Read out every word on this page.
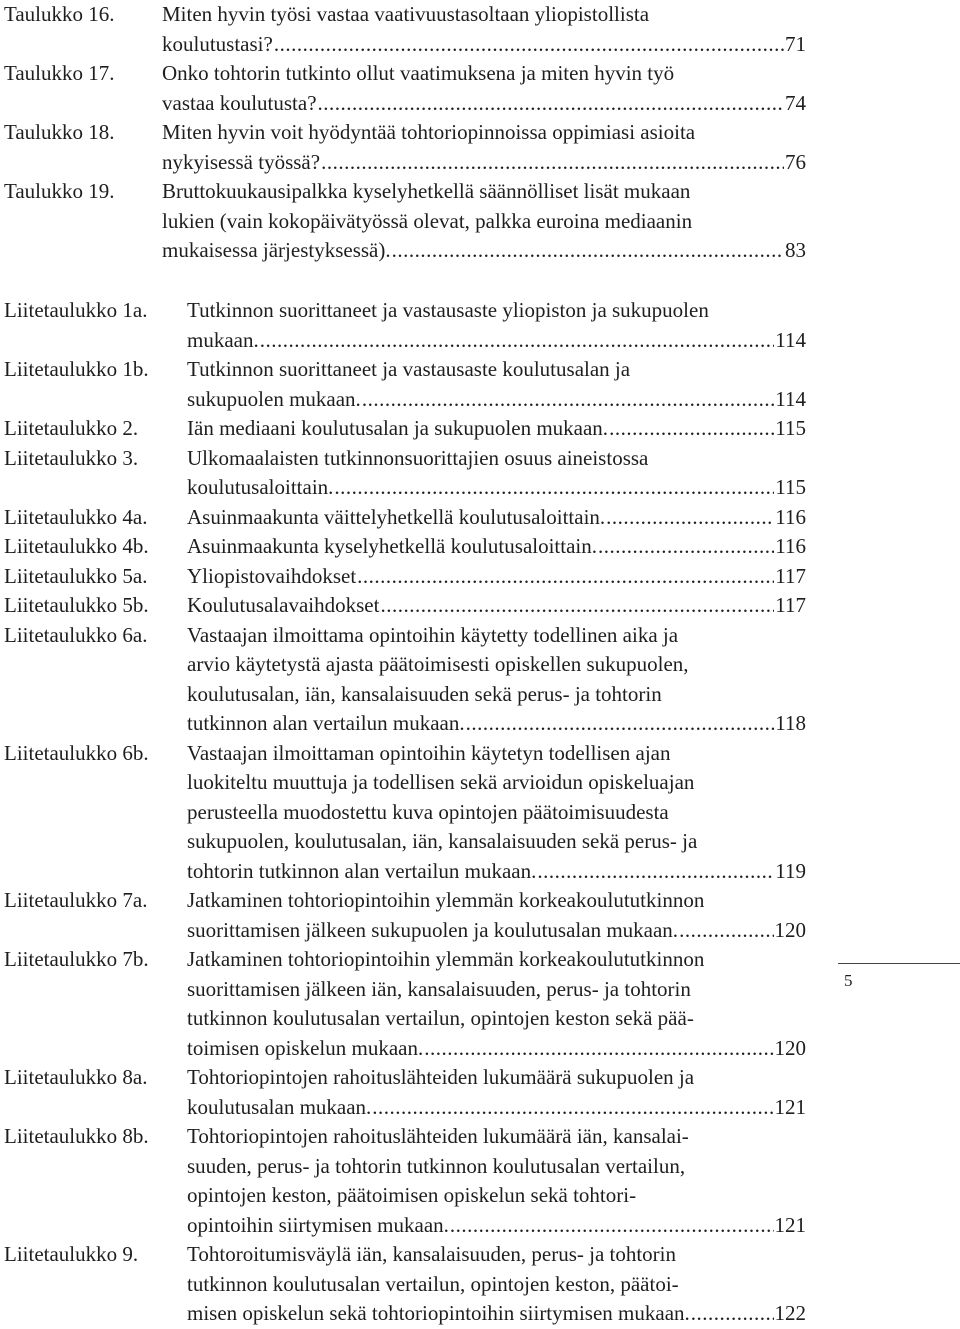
Taulukko 16.	Miten hyvin työsi vastaa vaativuustasoltaan yliopistollista
koulutustasi? .....	71
Taulukko 17.	Onko tohtorin tutkinto ollut vaatimuksena ja miten hyvin työ
vastaa koulutusta? .....	74
Taulukko 18.	Miten hyvin voit hyödyntää tohtoriopinnoissa oppimiasi asioita
nykyisessä työssä? .....	76
Taulukko 19.	Bruttokuukausipalkka kyselyhetkellä säännölliset lisät mukaan
lukien (vain kokopäivätyössä olevat, palkka euroina mediaanin
mukaisessa järjestyksessä). .....	83
Liitetaulukko 1a.	Tutkinnon suorittaneet ja vastausaste yliopiston ja sukupuolen
mukaan. .....	114
Liitetaulukko 1b.	Tutkinnon suorittaneet ja vastausaste koulutusalan ja
sukupuolen mukaan. .....	114
Liitetaulukko 2.	Iän mediaani koulutusalan ja sukupuolen mukaan. .....	115
Liitetaulukko 3.	Ulkomaalaisten tutkinnonsuorittajien osuus aineistossa
koulutusaloittain. .....	115
Liitetaulukko 4a.	Asuinmaakunta väittelyhetkellä koulutusaloittain. .....	116
Liitetaulukko 4b.	Asuinmaakunta kyselyhetkellä koulutusaloittain. .....	116
Liitetaulukko 5a.	Yliopistovaihdokset .....	117
Liitetaulukko 5b.	Koulutusalavaihdokset .....	117
Liitetaulukko 6a.	Vastaajan ilmoittama opintoihin käytetty todellinen aika ja
arvio käytetystä ajasta päätoimisesti opiskellen sukupuolen,
koulutusalan, iän, kansalaisuuden sekä perus- ja tohtorin
tutkinnon alan vertailun mukaan. .....	118
Liitetaulukko 6b.	Vastaajan ilmoittaman opintoihin käytetyn todellisen ajan
luokiteltu muuttuja ja todellisen sekä arvioidun opiskeluajan
perusteella muodostettu kuva opintojen päätoimisuudesta
sukupuolen, koulutusalan, iän, kansalaisuuden sekä perus- ja
tohtorin tutkinnon alan vertailun mukaan. .....	119
Liitetaulukko 7a.	Jatkaminen tohtoriopintoihin ylemmän korkeakoulututkinnon
suorittamisen jälkeen sukupuolen ja koulutusalan mukaan. .....	120
Liitetaulukko 7b.	Jatkaminen tohtoriopintoihin ylemmän korkeakoulututkinnon
suorittamisen jälkeen iän, kansalaisuuden, perus- ja tohtorin
tutkinnon koulutusalan vertailun, opintojen keston sekä pää-
toimisen opiskelun mukaan. .....	120
Liitetaulukko 8a.	Tohtoriopintojen rahoituslähteiden lukumäärä sukupuolen ja
koulutusalan mukaan. .....	121
Liitetaulukko 8b.	Tohtoriopintojen rahoituslähteiden lukumäärä iän, kansalai-
suuden, perus- ja tohtorin tutkinnon koulutusalan vertailun,
opintojen keston, päätoimisen opiskelun sekä tohtori-
opintoihin siirtymisen mukaan. .....	121
Liitetaulukko 9.	Tohtoroitumisväylä iän, kansalaisuuden, perus- ja tohtorin
tutkinnon koulutusalan vertailun, opintojen keston, päätoi-
misen opiskelun sekä tohtoriopintoihin siirtymisen mukaan. .....	122
5
